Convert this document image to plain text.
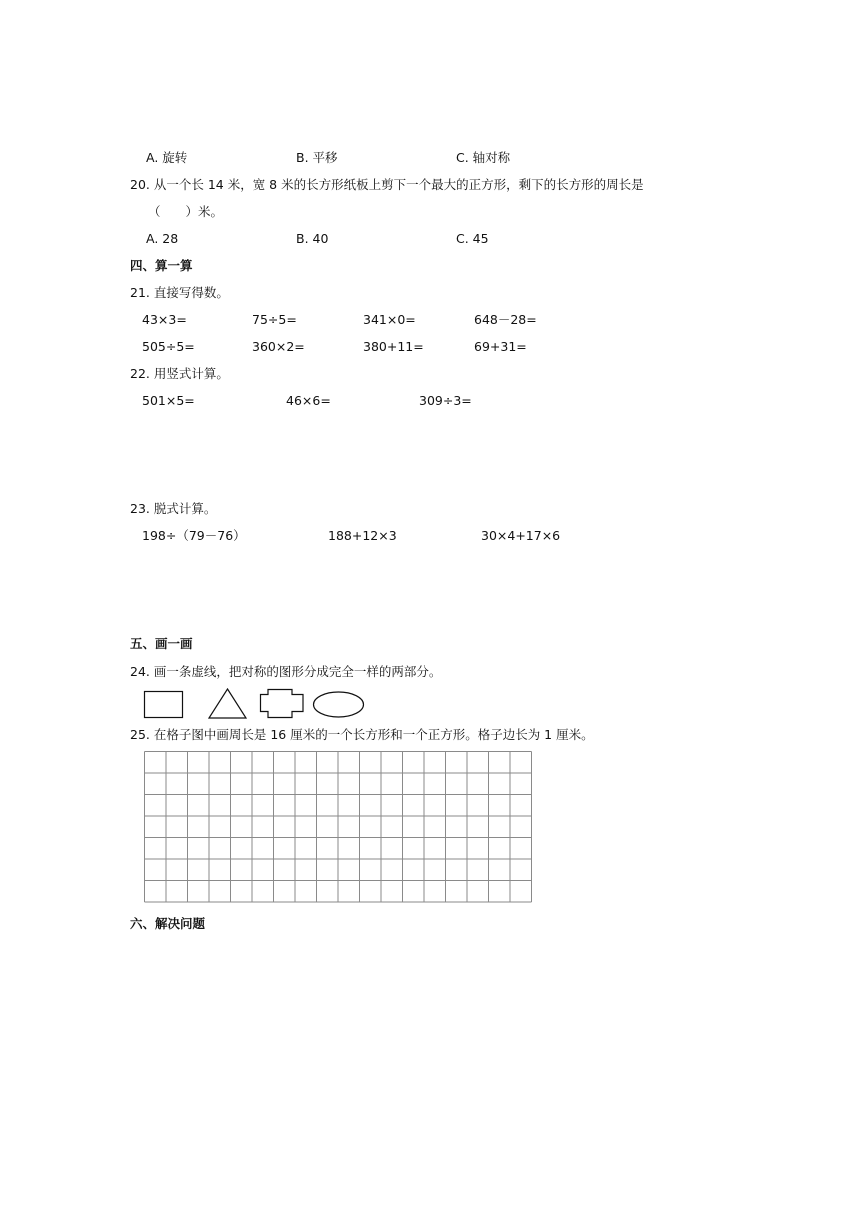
A. 旋转	B. 平移	C. 轴对称
20. 从一个长 14 米，宽 8 米的长方形纸板上剪下一个最大的正方形，剩下的长方形的周长是
（　　）米。
A. 28	B. 40	C. 45
四、算一算
21. 直接写得数。
43×3=	75÷5=	341×0=	648－28=
505÷5=	360×2=	380+11=	69+31=
22. 用竖式计算。
501×5=	46×6=	309÷3=
23. 脱式计算。
198÷（79－76）	188+12×3	30×4+17×6
五、画一画
24. 画一条虚线，把对称的图形分成完全一样的两部分。
25. 在格子图中画周长是 16 厘米的一个长方形和一个正方形。格子边长为 1 厘米。
六、解决问题
